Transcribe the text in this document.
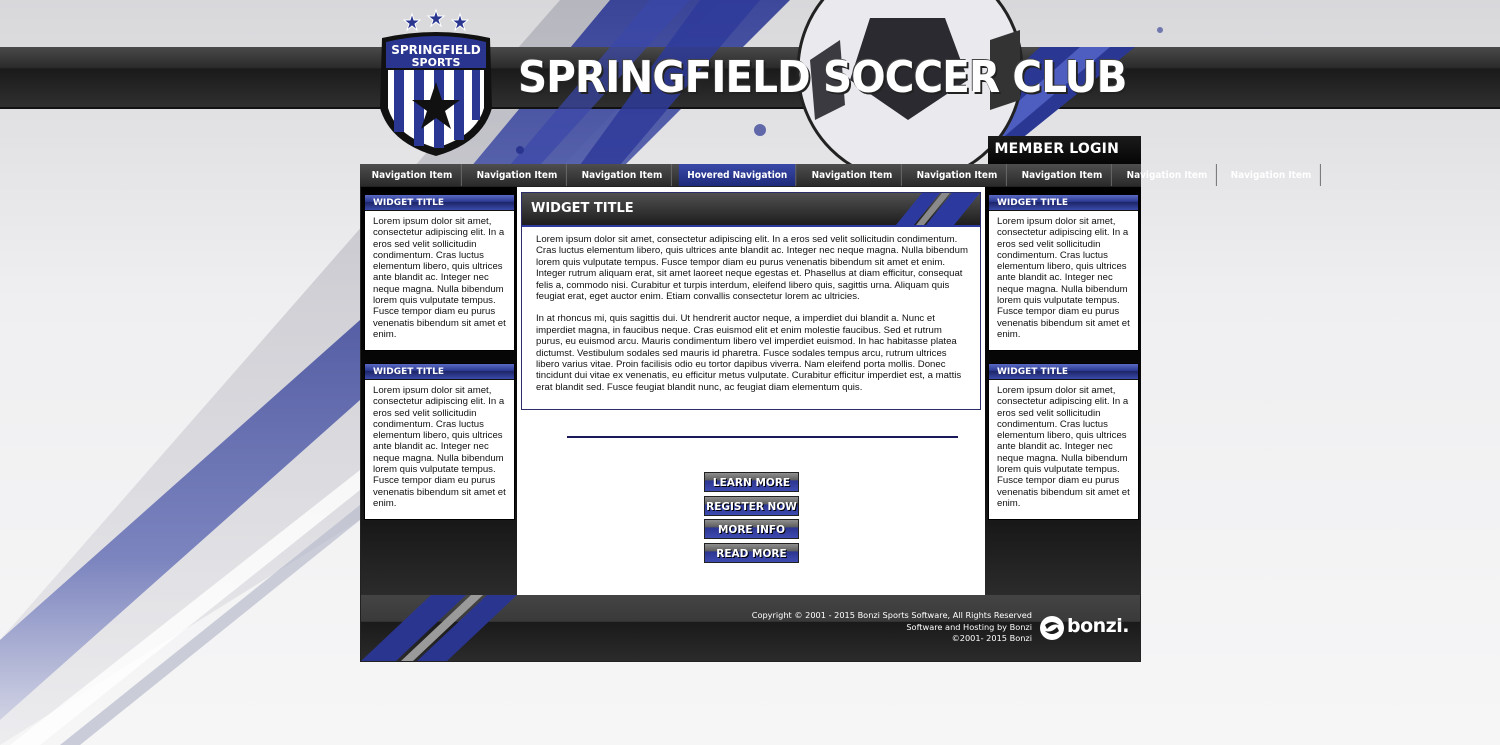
SPRINGFIELD
SPORTS SPRINGFIELD SOCCER CLUB
MEMBER LOGIN
Navigation Item	Navigation Item	Navigation Item	Hovered Navigation	Navigation Item	Navigation Item	Navigation Item	Navigation Item	Navigation Item
WIDGET TITLE
Lorem ipsum dolor sit amet, consectetur adipiscing elit. In a eros sed velit sollicitudin condimentum. Cras luctus elementum libero, quis ultrices ante blandit ac. Integer nec neque magna. Nulla bibendum lorem quis vulputate tempus. Fusce tempor diam eu purus venenatis bibendum sit amet et enim.
WIDGET TITLE
Lorem ipsum dolor sit amet, consectetur adipiscing elit. In a eros sed velit sollicitudin condimentum. Cras luctus elementum libero, quis ultrices ante blandit ac. Integer nec neque magna. Nulla bibendum lorem quis vulputate tempus. Fusce tempor diam eu purus venenatis bibendum sit amet et enim.
WIDGET TITLE

Lorem ipsum dolor sit amet, consectetur adipiscing elit. In a eros sed velit sollicitudin condimentum. Cras luctus elementum libero, quis ultrices ante blandit ac. Integer nec neque magna. Nulla bibendum lorem quis vulputate tempus. Fusce tempor diam eu purus venenatis bibendum sit amet et enim. Integer rutrum aliquam erat, sit amet laoreet neque egestas et. Phasellus at diam efficitur, consequat felis a, commodo nisi. Curabitur et turpis interdum, eleifend libero quis, sagittis urna. Aliquam quis feugiat erat, eget auctor enim. Etiam convallis consectetur lorem ac ultricies.

In at rhoncus mi, quis sagittis dui. Ut hendrerit auctor neque, a imperdiet dui blandit a. Nunc et imperdiet magna, in faucibus neque. Cras euismod elit et enim molestie faucibus. Sed et rutrum purus, eu euismod arcu. Mauris condimentum libero vel imperdiet euismod. In hac habitasse platea dictumst. Vestibulum sodales sed mauris id pharetra. Fusce sodales tempus arcu, rutrum ultrices libero varius vitae. Proin facilisis odio eu tortor dapibus viverra. Nam eleifend porta mollis. Donec tincidunt dui vitae ex venenatis, eu efficitur metus vulputate. Curabitur efficitur imperdiet est, a mattis erat blandit sed. Fusce feugiat blandit nunc, ac feugiat diam elementum quis.

LEARN MORE
REGISTER NOW
MORE INFO
READ MORE
WIDGET TITLE
Lorem ipsum dolor sit amet, consectetur adipiscing elit. In a eros sed velit sollicitudin condimentum. Cras luctus elementum libero, quis ultrices ante blandit ac. Integer nec neque magna. Nulla bibendum lorem quis vulputate tempus. Fusce tempor diam eu purus venenatis bibendum sit amet et enim.
WIDGET TITLE
Lorem ipsum dolor sit amet, consectetur adipiscing elit. In a eros sed velit sollicitudin condimentum. Cras luctus elementum libero, quis ultrices ante blandit ac. Integer nec neque magna. Nulla bibendum lorem quis vulputate tempus. Fusce tempor diam eu purus venenatis bibendum sit amet et enim.
Copyright © 2001 - 2015 Bonzi Sports Software, All Rights Reserved
Software and Hosting by Bonzi
©2001- 2015 Bonzi
bonzi.
